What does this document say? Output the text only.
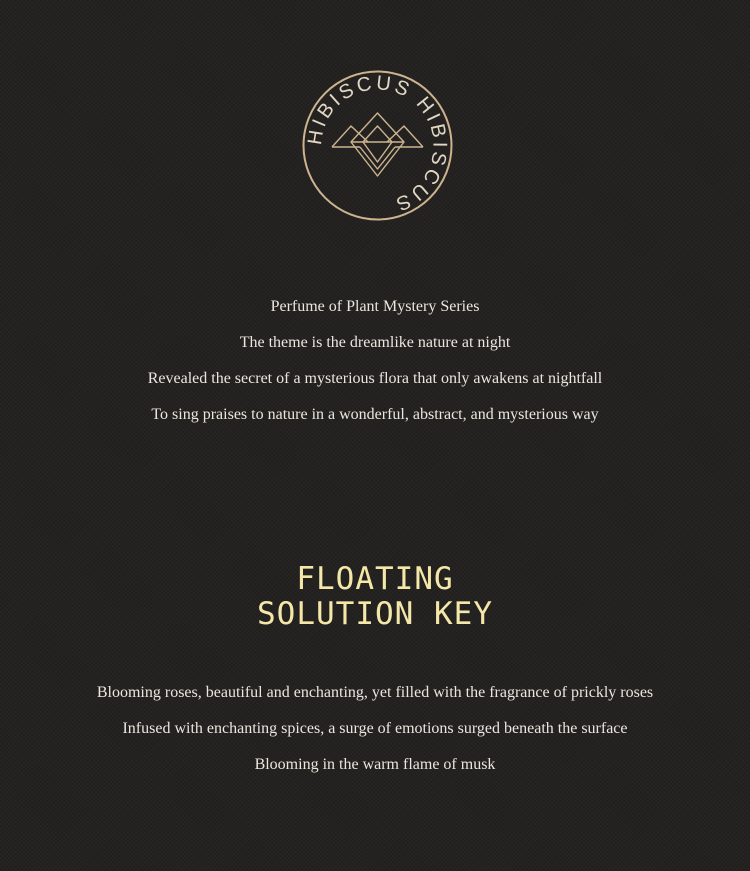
HIBISCUS HIBISCUS
Perfume of Plant Mystery Series
The theme is the dreamlike nature at night
Revealed the secret of a mysterious flora that only awakens at nightfall
To sing praises to nature in a wonderful, abstract, and mysterious way
FLOATING
SOLUTION KEY
Blooming roses, beautiful and enchanting, yet filled with the fragrance of prickly roses
Infused with enchanting spices, a surge of emotions surged beneath the surface
Blooming in the warm flame of musk
